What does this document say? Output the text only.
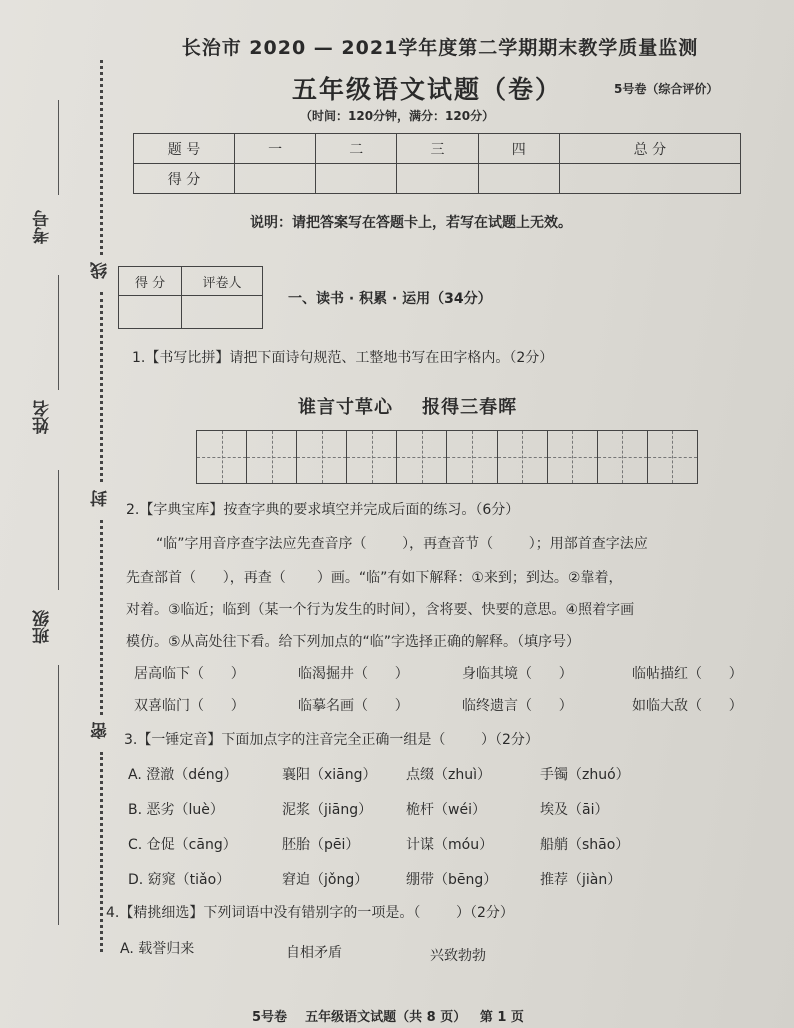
考号
姓名
班级
线
封
密
长治市 2020 — 2021学年度第二学期期末教学质量监测
五年级语文试题（卷）	5号卷（综合评价）
（时间：120分钟，满分：120分）
题 号	一	二	三	四	总 分
得 分					
说明：请把答案写在答题卡上，若写在试题上无效。
得 分	评卷人

一、读书 · 积累 · 运用（34分）
1.【书写比拼】请把下面诗句规范、工整地书写在田字格内。（2分）
谁言寸草心    报得三春晖
2.【字典宝库】按查字典的要求填空并完成后面的练习。（6分）
“临”字用音序查字法应先查音序（        ），再查音节（        ）；用部首查字法应
先查部首（      ），再查（       ）画。“临”有如下解释：①来到；到达。②靠着，
对着。③临近；临到（某一个行为发生的时间），含将要、快要的意思。④照着字画
模仿。⑤从高处往下看。给下列加点的“临”字选择正确的解释。（填序号）
居高临下（      ）	临渴掘井（      ）	身临其境（      ）	临帖描红（      ）
双喜临门（      ）	临摹名画（      ）	临终遗言（      ）	如临大敌（      ）
3.【一锤定音】下面加点字的注音完全正确一组是（        ）（2分）
A. 澄澈（déng）	襄阳（xiāng） 点缀（zhuì）	手镯（zhuó）
B. 恶劣（luè）	泥浆（jiāng） 桅杆（wéi）	埃及（āi）
C. 仓促（cāng）	胚胎（pēi）	计谋（móu）	船艄（shāo）
D. 窈窕（tiǎo）	窘迫（jǒng）	绷带（bēng）	推荐（jiàn）
4.【精挑细选】下列词语中没有错别字的一项是。（        ）（2分）
A. 载誉归来	自相矛盾	兴致勃勃
5号卷    五年级语文试题（共 8 页）   第 1 页
